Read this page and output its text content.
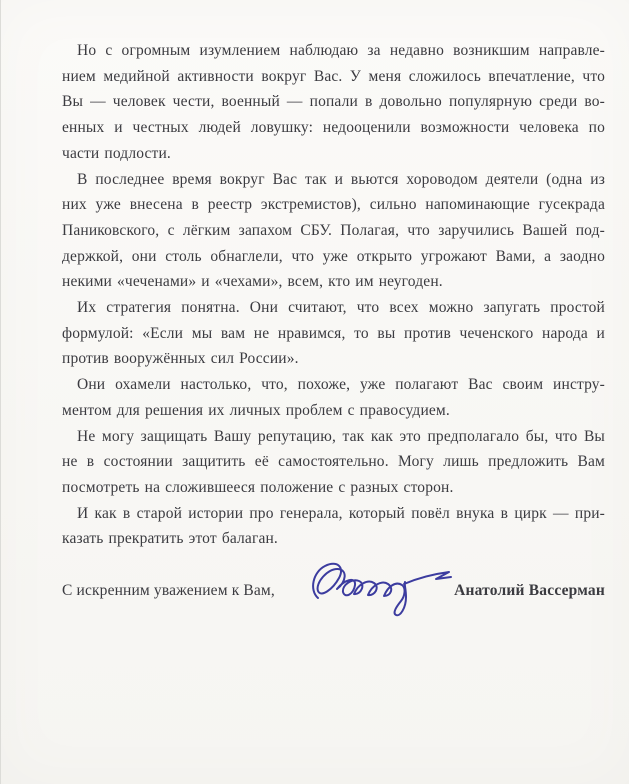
Но с огромным изумлением наблюдаю за недавно возникшим направле-
нием медийной активности вокруг Вас. У меня сложилось впечатление, что
Вы — человек чести, военный — попали в довольно популярную среди во-
енных и честных людей ловушку: недооценили возможности человека по
части подлости.
В последнее время вокруг Вас так и вьются хороводом деятели (одна из
них уже внесена в реестр экстремистов), сильно напоминающие гусекрада
Паниковского, с лёгким запахом СБУ. Полагая, что заручились Вашей под-
держкой, они столь обнаглели, что уже открыто угрожают Вами, а заодно
некими «чеченами» и «чехами», всем, кто им неугоден.
Их стратегия понятна. Они считают, что всех можно запугать простой
формулой: «Если мы вам не нравимся, то вы против чеченского народа и
против вооружённых сил России».
Они охамели настолько, что, похоже, уже полагают Вас своим инстру-
ментом для решения их личных проблем с правосудием.
Не могу защищать Вашу репутацию, так как это предполагало бы, что Вы
не в состоянии защитить её самостоятельно. Могу лишь предложить Вам
посмотреть на сложившееся положение с разных сторон.
И как в старой истории про генерала, который повёл внука в цирк — при-
казать прекратить этот балаган.
С искренним уважением к Вам,	Анатолий Вассерман
